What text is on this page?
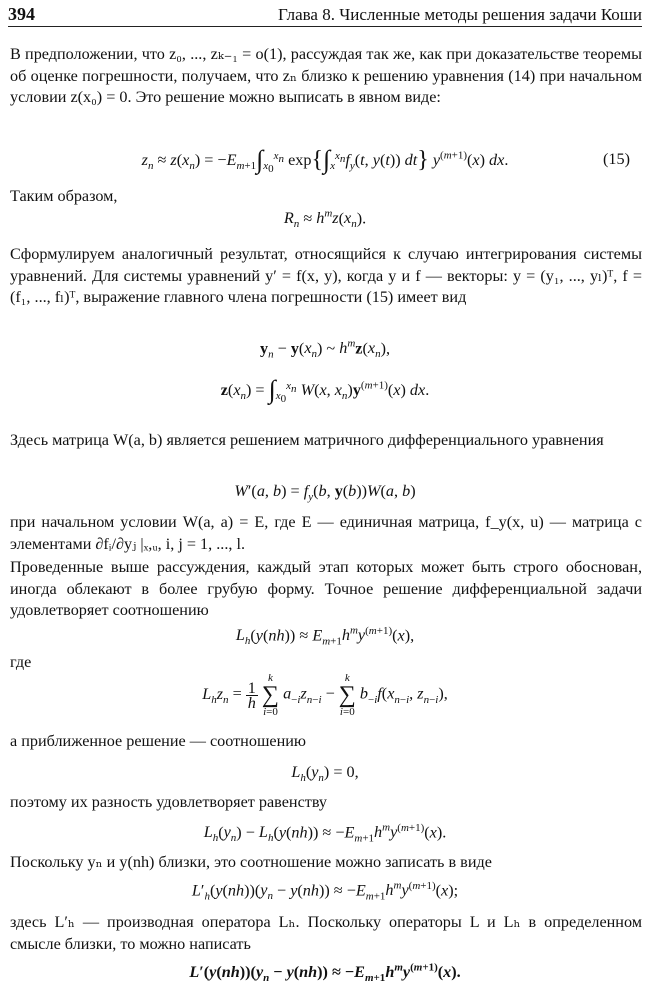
394	Глава 8. Численные методы решения задачи Коши

В предположении, что z₀, ..., zₖ₋₁ = o(1), рассуждая так же, как при доказательстве теоремы об оценке погрешности, получаем, что zₙ близко к решению уравнения (14) при начальном условии z(x₀) = 0. Это решение можно выписать в явном виде:

$z_n \approx z(x_n) = -E_{m+1}\int_{x_0}^{x_n}$ $\exp\{\int_x^{x_n}f_y(t$, y(t)) dt} $y^{(m+1)}(x)$ dx.	(15)

Таким образом,

$R_n \approx h^mz(x_n)$.

Сформулируем аналогичный результат, относящийся к случаю интегрирования системы уравнений. Для системы уравнений y′ = f(x, y), когда y и f — векторы: y = (y₁, ..., yₗ)ᵀ, f = (f₁, ..., fₗ)ᵀ, выражение главного члена погрешности (15) имеет вид

$y_n - y(x_n)$ ~ $h^mz(x_n)$,
$z(x_n) = \int_{x_0}^{x_n}$ W(x, $x_n)y^{(m+1)}(x)$ dx.

Здесь матрица W(a, b) является решением матричного дифференциального уравнения

W′(a, $b) = f_y(b$, y(b))W(a, b)

при начальном условии W(a, a) = E, где E — единичная матрица, f_y(x, u) — матрица с элементами ∂fᵢ/∂yⱼ |ₓ,ᵤ, i, j = 1, ..., l.

Проведенные выше рассуждения, каждый этап которых может быть строго обоснован, иногда облекают в более грубую форму. Точное решение дифференциальной задачи удовлетворяет соотношению

$L_h(y(nh)) \approx E_{m+1}h^my^{(m+1)}(x)$,

где

$L_hz_n = \frac{1}{h}$
k
∑
i=0 $a_{-i}z_{n-i} - k$
∑
i=0 $b_{-i}f(x_{n-i}$, $z_{n-i}$),

а приближенное решение — соотношению

$L_h(y_n) = 0$,

поэтому их разность удовлетворяет равенству

$L_h(y_n) - L_h(y(nh)) \approx -E_{m+1}h^my^{(m+1)}(x)$.

Поскольку yₙ и y(nh) близки, это соотношение можно записать в виде

$L'_h(y(nh))(y_n - y(nh)) \approx -E_{m+1}h^my^{(m+1)}(x)$;

здесь L′ₕ — производная оператора Lₕ. Поскольку операторы L и Lₕ в определенном смысле близки, то можно написать

$L'(y(nh))(y_n - y(nh)) \approx -E_{m+1}h^my^{(m+1)}(x)$.
